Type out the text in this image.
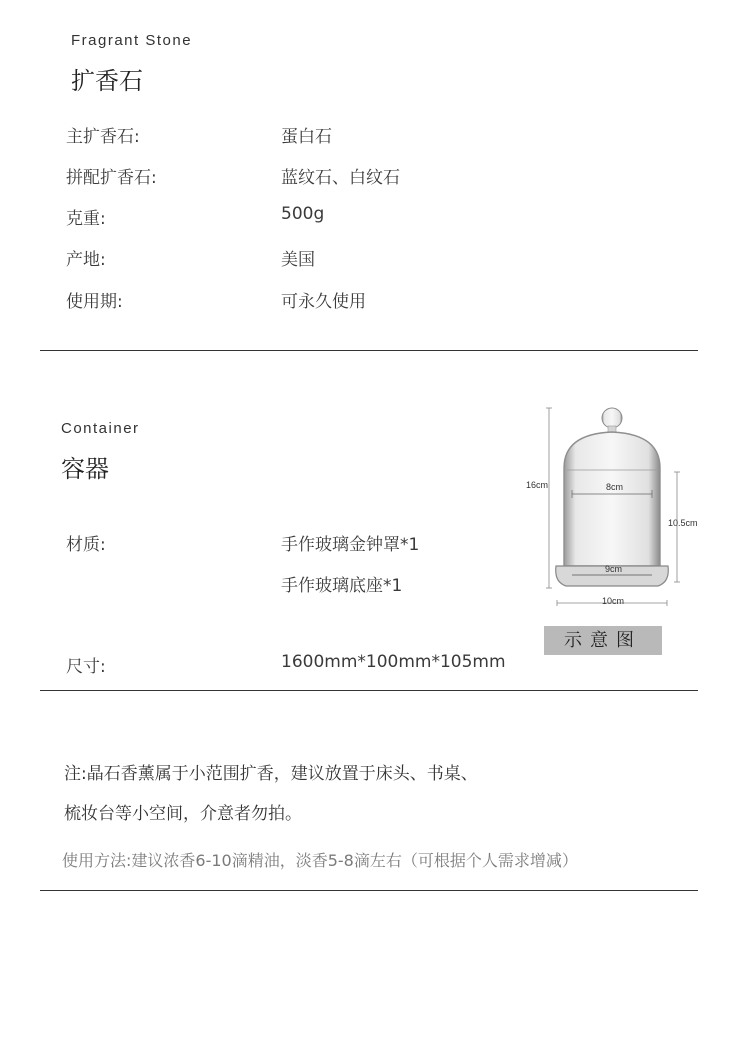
Fragrant Stone
扩香石
主扩香石:	蛋白石
拼配扩香石:	蓝纹石、白纹石
克重:	500g
产地:	美国
使用期:	可永久使用
Container
容器
材质:	手作玻璃金钟罩*1
手作玻璃底座*1
尺寸:	1600mm*100mm*105mm
16cm	8cm
10.5cm
9cm
10cm
示意图
注:晶石香薰属于小范围扩香，建议放置于床头、书桌、
梳妆台等小空间，介意者勿拍。
使用方法:建议浓香6-10滴精油，淡香5-8滴左右（可根据个人需求增减）
